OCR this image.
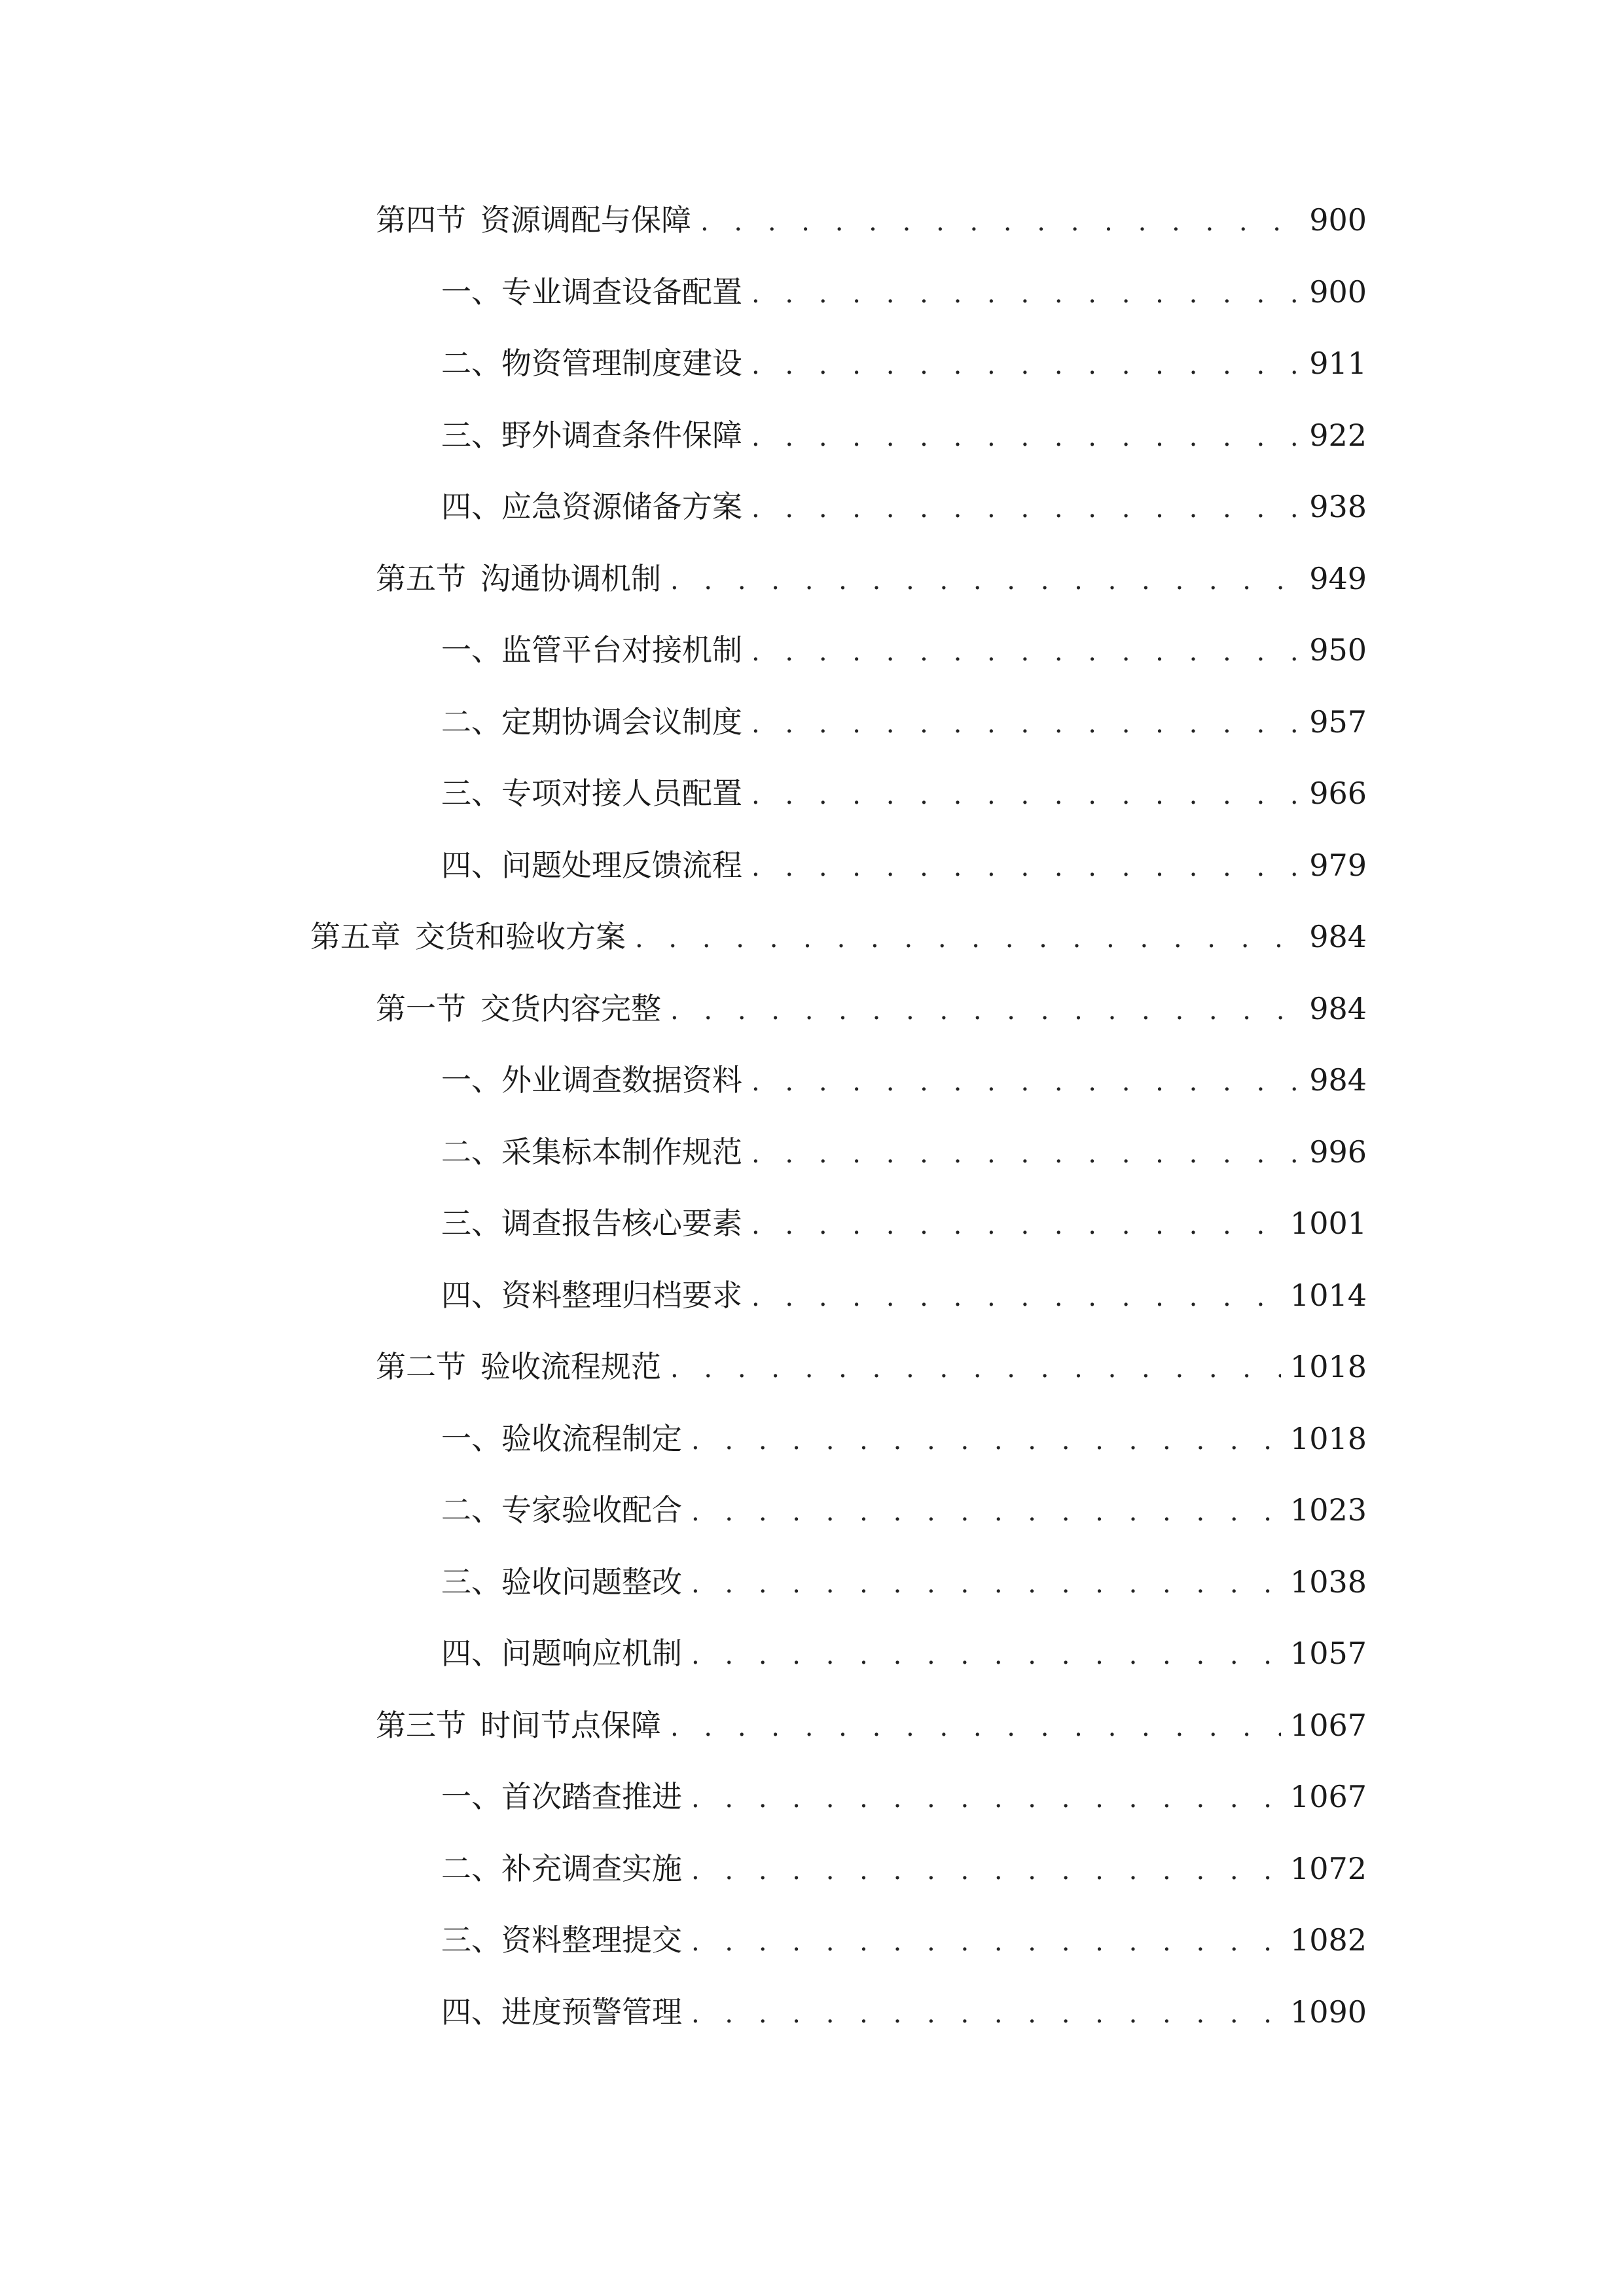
第四节 资源调配与保障 . . .	900
一、 专业调查设备配置 . . .	900
二、 物资管理制度建设 . . .	911
三、 野外调查条件保障 . . .	922
四、 应急资源储备方案 . . .	938
第五节 沟通协调机制 . . .	949
一、 监管平台对接机制 . . .	950
二、 定期协调会议制度 . . .	957
三、 专项对接人员配置 . . .	966
四、 问题处理反馈流程 . . .	979
第五章 交货和验收方案 . . .	984
第一节 交货内容完整 . . .	984
一、 外业调查数据资料 . . .	984
二、 采集标本制作规范 . . .	996
三、 调查报告核心要素 . . .	1001
四、 资料整理归档要求 . . .	1014
第二节 验收流程规范 . . .	1018
一、 验收流程制定 . . .	1018
二、 专家验收配合 . . .	1023
三、 验收问题整改 . . .	1038
四、 问题响应机制 . . .	1057
第三节 时间节点保障 . . .	1067
一、 首次踏查推进 . . .	1067
二、 补充调查实施 . . .	1072
三、 资料整理提交 . . .	1082
四、 进度预警管理 . . .	1090
